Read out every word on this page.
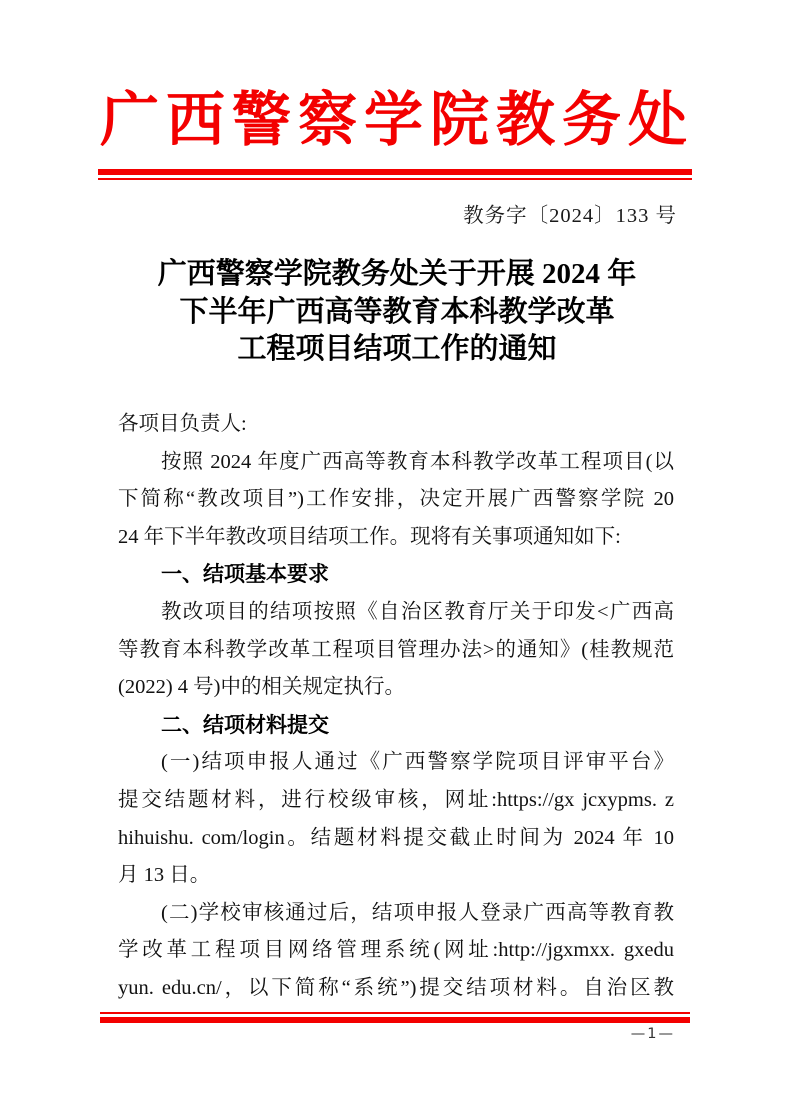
广西警察学院教务处
教务字〔2024〕133 号
广西警察学院教务处关于开展 2024 年
下半年广西高等教育本科教学改革
工程项目结项工作的通知
各项目负责人:
按照 2024 年度广西高等教育本科教学改革工程项目(以
下简称“教改项目”)工作安排，决定开展广西警察学院 20
24 年下半年教改项目结项工作。现将有关事项通知如下:
一、结项基本要求
教改项目的结项按照《自治区教育厅关于印发<广西高
等教育本科教学改革工程项目管理办法>的通知》(桂教规范
(2022) 4 号)中的相关规定执行。
二、结项材料提交
(一)结项申报人通过《广西警察学院项目评审平台》
提交结题材料，进行校级审核，网址:https://gx jcxypms. z
hihuishu. com/login。结题材料提交截止时间为 2024 年 10
月 13 日。
(二)学校审核通过后，结项申报人登录广西高等教育教
学改革工程项目网络管理系统(网址:http://jgxmxx. gxedu
yun. edu.cn/，以下简称“系统”)提交结项材料。自治区教
—1—
